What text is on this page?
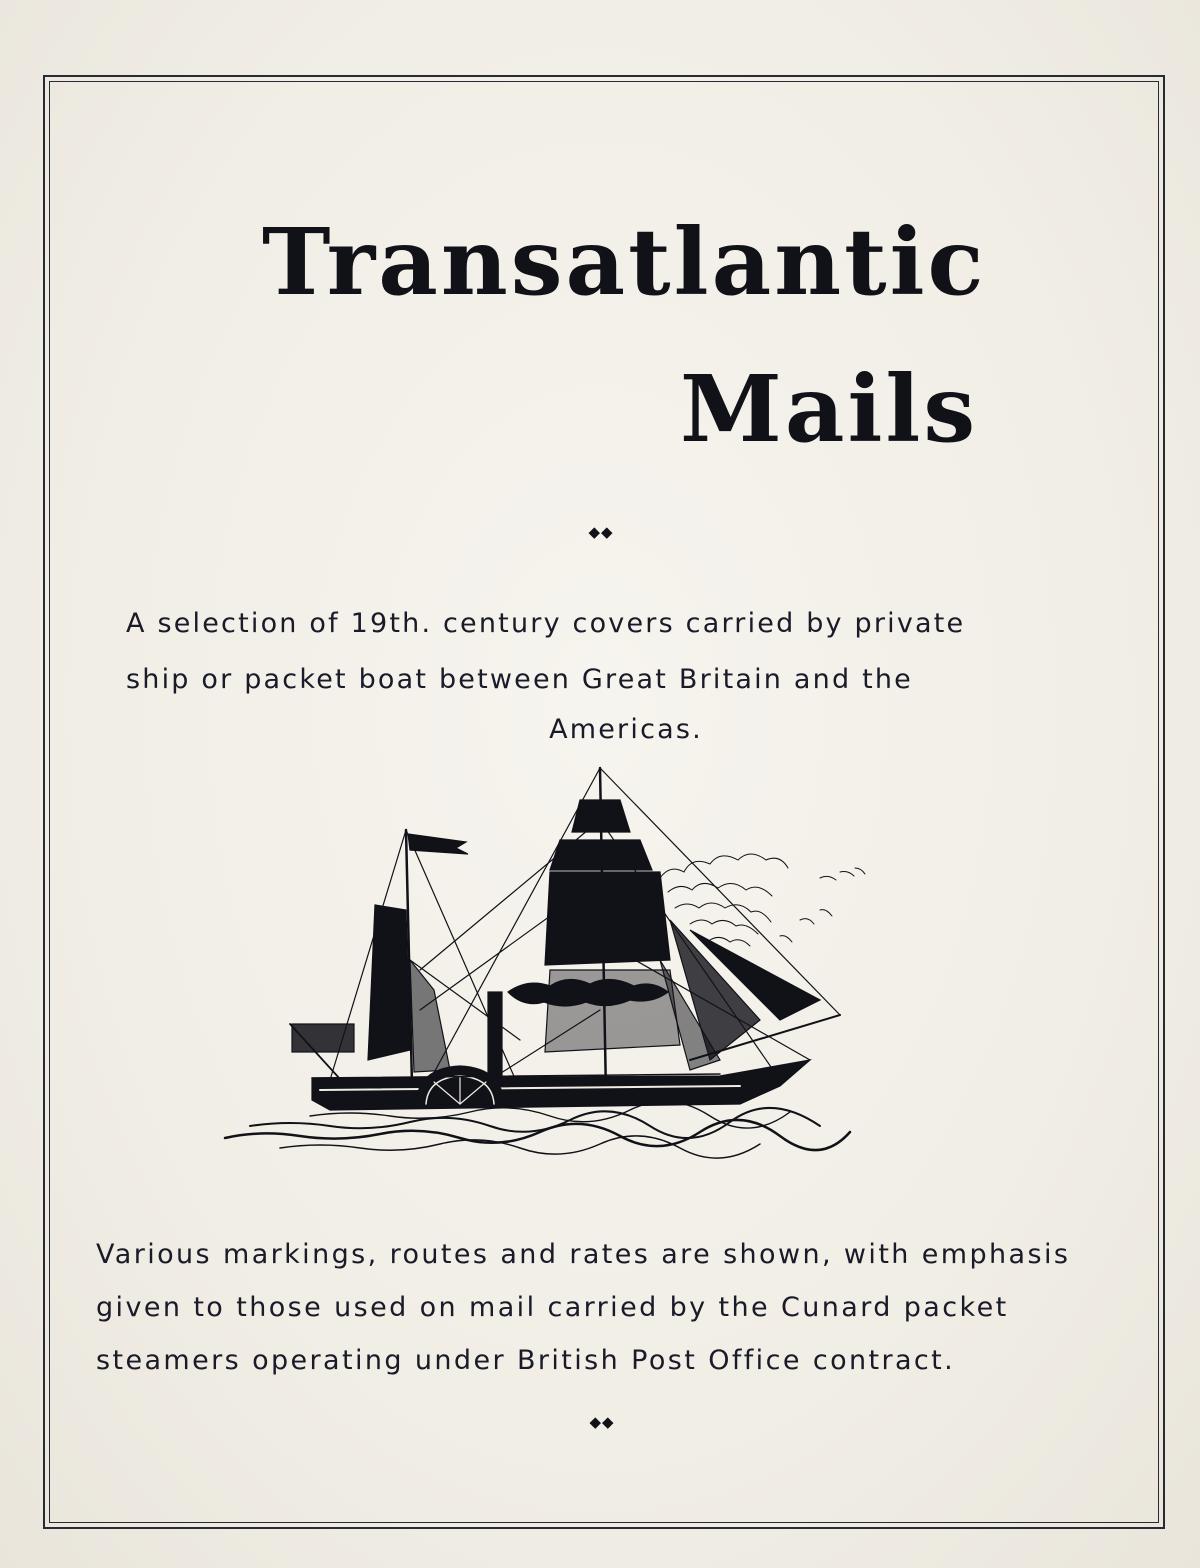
Transatlantic
Mails
◆◆

A selection of 19th. century covers carried by private
ship or packet boat between Great Britain and the
Americas.

Various markings, routes and rates are shown, with emphasis
given to those used on mail carried by the Cunard packet
steamers operating under British Post Office contract.

◆◆
